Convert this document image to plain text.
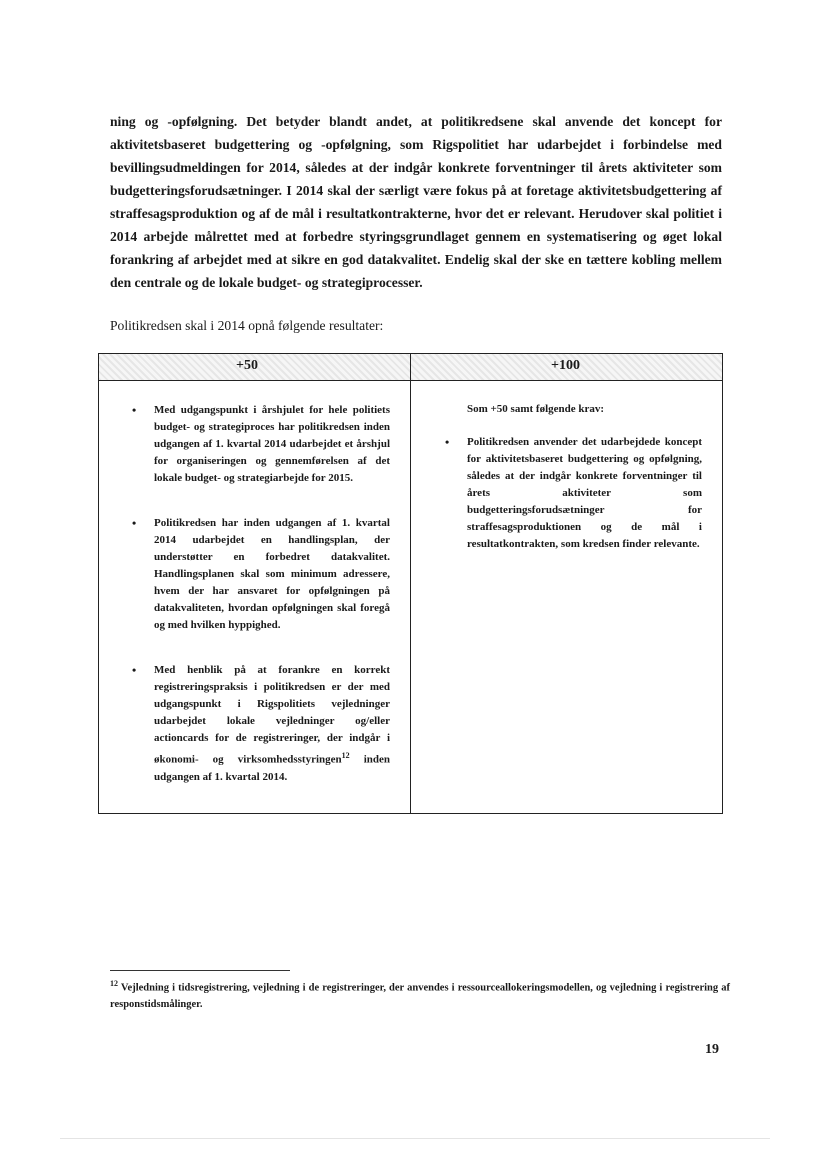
ning og -opfølgning. Det betyder blandt andet, at politikredsene skal anvende det koncept for aktivitetsbaseret budgettering og -opfølgning, som Rigspolitiet har udarbejdet i forbindelse med bevillingsudmeldingen for 2014, således at der indgår konkrete forventninger til årets aktiviteter som budgetteringsforudsætninger. I 2014 skal der særligt være fokus på at foretage aktivitetsbudgettering af straffesagsproduktion og af de mål i resultatkontrakterne, hvor det er relevant. Herudover skal politiet i 2014 arbejde målrettet med at forbedre styringsgrundlaget gennem en systematisering og øget lokal forankring af arbejdet med at sikre en god datakvalitet. Endelig skal der ske en tættere kobling mellem den centrale og de lokale budget- og strategiprocesser.

Politikredsen skal i 2014 opnå følgende resultater:

+50
• Med udgangspunkt i årshjulet for hele politiets budget- og strategiproces har politikredsen inden udgangen af 1. kvartal 2014 udarbejdet et årshjul for organiseringen og gennemførelsen af det lokale budget- og strategiarbejde for 2015.
• Politikredsen har inden udgangen af 1. kvartal 2014 udarbejdet en handlingsplan, der understøtter en forbedret datakvalitet. Handlingsplanen skal som minimum adressere, hvem der har ansvaret for opfølgningen på datakvaliteten, hvordan opfølgningen skal foregå og med hvilken hyppighed.
• Med henblik på at forankre en korrekt registreringspraksis i politikredsen er der med udgangspunkt i Rigspolitiets vejledninger udarbejdet lokale vejledninger og/eller actioncards for de registreringer, der indgår i økonomi- og virksomhedsstyringen$^{12}$ inden udgangen af 1. kvartal 2014.
+100

Som +50 samt følgende krav:

• Politikredsen anvender det udarbejdede koncept for aktivitetsbaseret budgettering og opfølgning, således at der indgår konkrete forventninger til årets aktiviteter som budgetteringsforudsætninger for straffesagsproduktionen og de mål i resultatkontrakten, som kredsen finder relevante.

$^{12}$ Vejledning i tidsregistrering, vejledning i de registreringer, der anvendes i ressourceallokeringsmodellen, og vejledning i registrering af responstidsmålinger.

19
